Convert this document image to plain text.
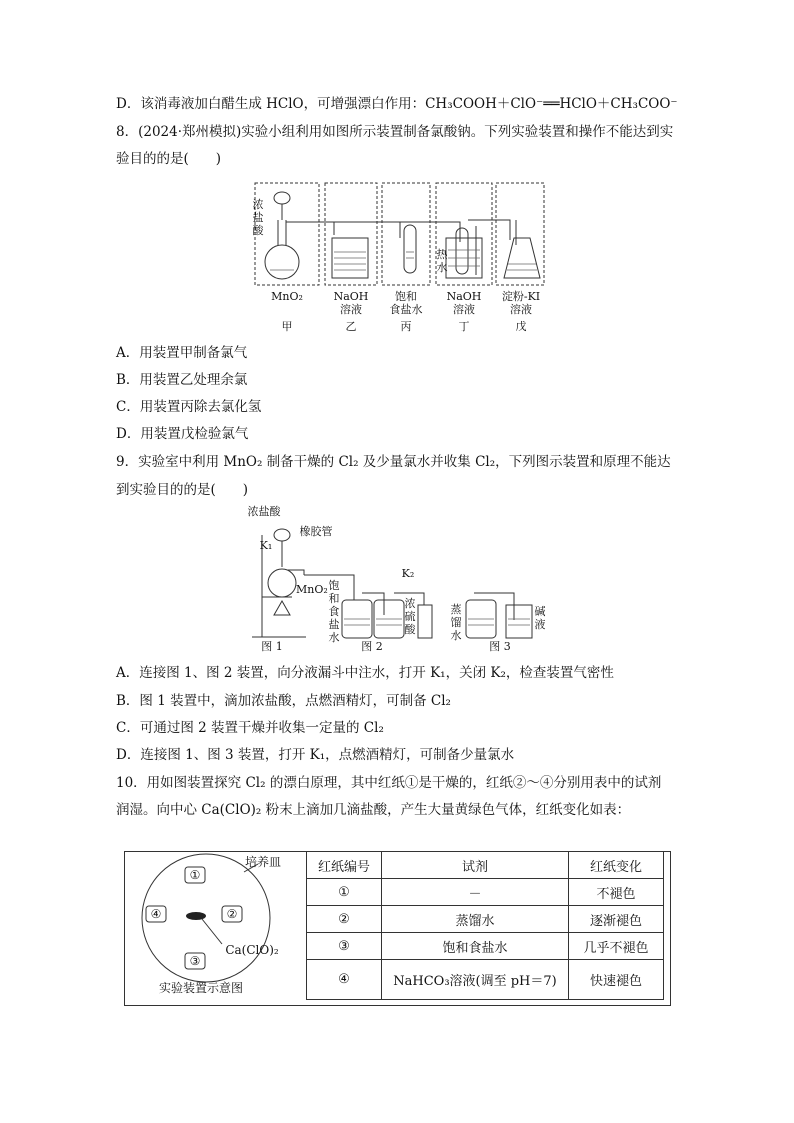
D．该消毒液加白醋生成 HClO，可增强漂白作用：CH₃COOH＋ClO⁻══HClO＋CH₃COO⁻
8．(2024·郑州模拟)实验小组利用如图所示装置制备氯酸钠。下列实验装置和操作不能达到实
验目的的是(　　)
A．用装置甲制备氯气
B．用装置乙处理余氯
C．用装置丙除去氯化氢
D．用装置戊检验氯气
9．实验室中利用 MnO₂ 制备干燥的 Cl₂ 及少量氯水并收集 Cl₂，下列图示装置和原理不能达
到实验目的的是(　　)
A．连接图 1、图 2 装置，向分液漏斗中注水，打开 K₁，关闭 K₂，检查装置气密性
B．图 1 装置中，滴加浓盐酸，点燃酒精灯，可制备 Cl₂
C．可通过图 2 装置干燥并收集一定量的 Cl₂
D．连接图 1、图 3 装置，打开 K₁，点燃酒精灯，可制备少量氯水
10．用如图装置探究 Cl₂ 的漂白原理，其中红纸①是干燥的，红纸②～④分别用表中的试剂
润湿。向中心 Ca(ClO)₂ 粉末上滴加几滴盐酸，产生大量黄绿色气体，红纸变化如表：
浓盐酸
热
水
MnO₂	NaOH
溶液
饱和
食盐水
NaOH
溶液
淀粉-KI
溶液
甲	乙	丙	丁	戊
浓盐酸
橡胶管
K₁
K₂
MnO₂ 饱
和
食
盐
水
浓
硫
酸
蒸
馏
水
碱
液
图 1	图 2	图 3
培养皿
①
②
③
④
Ca(ClO)₂
实验装置示意图
红纸编号	试剂	红纸变化
①	－	不褪色
②	蒸馏水	逐渐褪色
③	饱和食盐水	几乎不褪色
④	NaHCO₃溶液(调至 pH＝7)	快速褪色
